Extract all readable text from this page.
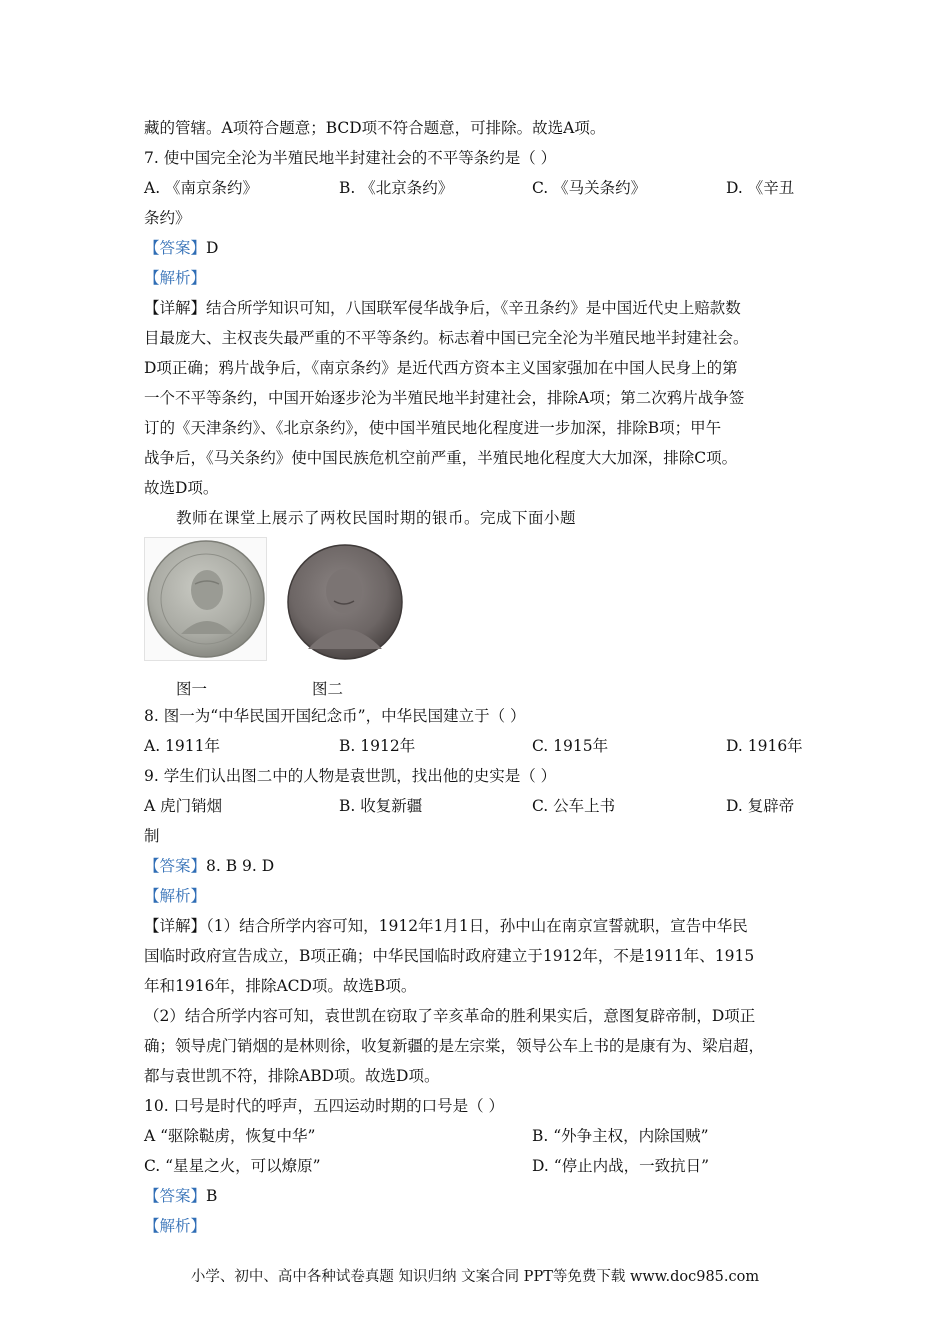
藏的管辖。A项符合题意；BCD项不符合题意，可排除。故选A项。
7. 使中国完全沦为半殖民地半封建社会的不平等条约是（ ）
A. 《南京条约》	B. 《北京条约》	C. 《马关条约》	D. 《辛丑
条约》
【答案】D
【解析】
【详解】结合所学知识可知，八国联军侵华战争后，《辛丑条约》是中国近代史上赔款数
目最庞大、主权丧失最严重的不平等条约。标志着中国已完全沦为半殖民地半封建社会。
D项正确；鸦片战争后，《南京条约》是近代西方资本主义国家强加在中国人民身上的第
一个不平等条约，中国开始逐步沦为半殖民地半封建社会，排除A项；第二次鸦片战争签
订的《天津条约》、《北京条约》，使中国半殖民地化程度进一步加深，排除B项；甲午
战争后，《马关条约》使中国民族危机空前严重，半殖民地化程度大大加深，排除C项。
故选D项。
教师在课堂上展示了两枚民国时期的银币。完成下面小题
图一	图二
8. 图一为“中华民国开国纪念币”，中华民国建立于（ ）
A. 1911年	B. 1912年	C. 1915年	D. 1916年
9. 学生们认出图二中的人物是袁世凯，找出他的史实是（ ）
A 虎门销烟	B. 收复新疆	C. 公车上书	D. 复辟帝
制
【答案】8. B 9. D
【解析】
【详解】（1）结合所学内容可知，1912年1月1日，孙中山在南京宣誓就职，宣告中华民
国临时政府宣告成立，B项正确；中华民国临时政府建立于1912年，不是1911年、1915
年和1916年，排除ACD项。故选B项。
（2）结合所学内容可知，袁世凯在窃取了辛亥革命的胜利果实后，意图复辟帝制，D项正
确；领导虎门销烟的是林则徐，收复新疆的是左宗棠，领导公车上书的是康有为、梁启超，
都与袁世凯不符，排除ABD项。故选D项。
10. 口号是时代的呼声，五四运动时期的口号是（ ）
A “驱除鞑虏，恢复中华”	B. “外争主权，内除国贼”
C. “星星之火，可以燎原”	D. “停止内战，一致抗日”
【答案】B
【解析】
小学、初中、高中各种试卷真题 知识归纳 文案合同 PPT等免费下载 www.doc985.com
